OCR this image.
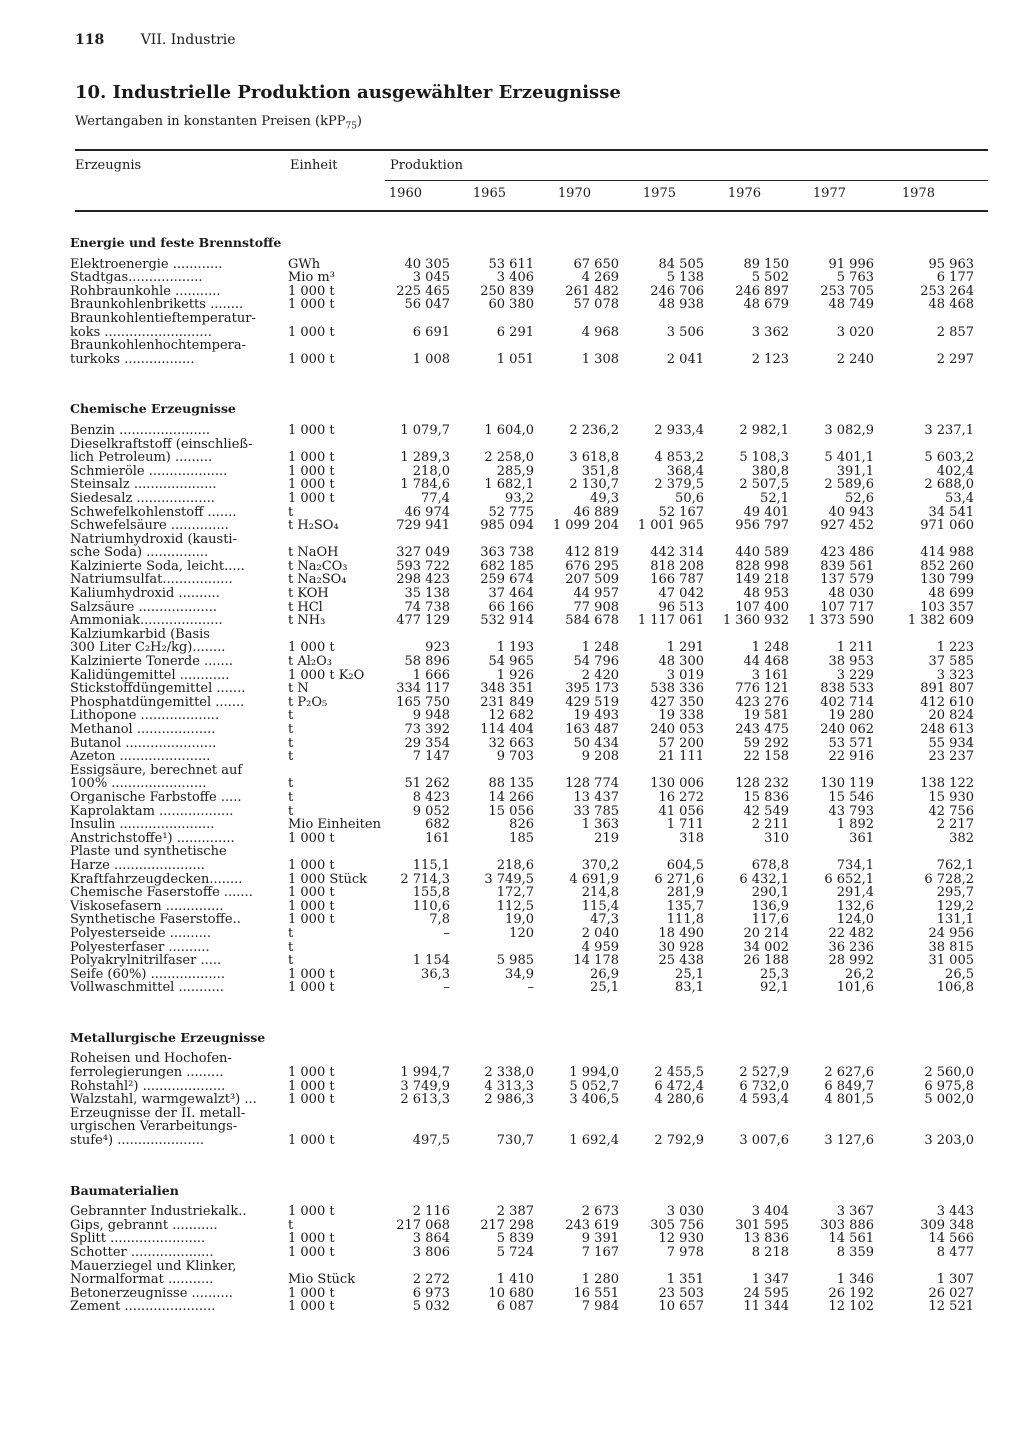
118	VII. Industrie
10. Industrielle Produktion ausgewählter Erzeugnisse
Wertangaben in konstanten Preisen (kPP$_{75}$)
Erzeugnis	Einheit	Produktion
1960	1965	1970	1975	1976	1977	1978
Energie und feste Brennstoffe								
Elektroenergie ............	GWh	40 305	53 611	67 650	84 505	89 150	91 996	95 963
Stadtgas..................	Mio m³	3 045	3 406	4 269	5 138	5 502	5 763	6 177
Rohbraunkohle ...........	1 000 t	225 465	250 839	261 482	246 706	246 897	253 705	253 264
Braunkohlenbriketts ........	1 000 t	56 047	60 380	57 078	48 938	48 679	48 749	48 468
Braunkohlentieftemperatur-								
koks ..........................	1 000 t	6 691	6 291	4 968	3 506	3 362	3 020	2 857
Braunkohlenhochtempera-								
turkoks .................	1 000 t	1 008	1 051	1 308	2 041	2 123	2 240	2 297

Chemische Erzeugnisse								
Benzin ......................	1 000 t	1 079,7	1 604,0	2 236,2	2 933,4	2 982,1	3 082,9	3 237,1
Dieselkraftstoff (einschließ-								
lich Petroleum) .........	1 000 t	1 289,3	2 258,0	3 618,8	4 853,2	5 108,3	5 401,1	5 603,2
Schmieröle ...................	1 000 t	218,0	285,9	351,8	368,4	380,8	391,1	402,4
Steinsalz ....................	1 000 t	1 784,6	1 682,1	2 130,7	2 379,5	2 507,5	2 589,6	2 688,0
Siedesalz ...................	1 000 t	77,4	93,2	49,3	50,6	52,1	52,6	53,4
Schwefelkohlenstoff .......	t	46 974	52 775	46 889	52 167	49 401	40 943	34 541
Schwefelsäure ..............	t H₂SO₄	729 941	985 094	1 099 204	1 001 965	956 797	927 452	971 060
Natriumhydroxid (kausti-								
sche Soda) ...............	t NaOH	327 049	363 738	412 819	442 314	440 589	423 486	414 988
Kalzinierte Soda, leicht.....	t Na₂CO₃	593 722	682 185	676 295	818 208	828 998	839 561	852 260
Natriumsulfat.................	t Na₂SO₄	298 423	259 674	207 509	166 787	149 218	137 579	130 799
Kaliumhydroxid ..........	t KOH	35 138	37 464	44 957	47 042	48 953	48 030	48 699
Salzsäure ...................	t HCl	74 738	66 166	77 908	96 513	107 400	107 717	103 357
Ammoniak....................	t NH₃	477 129	532 914	584 678	1 117 061	1 360 932	1 373 590	1 382 609
Kalziumkarbid (Basis								
300 Liter C₂H₂/kg)........	1 000 t	923	1 193	1 248	1 291	1 248	1 211	1 223
Kalzinierte Tonerde .......	t Al₂O₃	58 896	54 965	54 796	48 300	44 468	38 953	37 585
Kalidüngemittel ............	1 000 t K₂O	1 666	1 926	2 420	3 019	3 161	3 229	3 323
Stickstoffdüngemittel .......	t N	334 117	348 351	395 173	538 336	776 121	838 533	891 807
Phosphatdüngemittel .......	t P₂O₅	165 750	231 849	429 519	427 350	423 276	402 714	412 610
Lithopone ...................	t	9 948	12 682	19 493	19 338	19 581	19 280	20 824
Methanol ...................	t	73 392	114 404	163 487	240 053	243 475	240 062	248 613
Butanol ......................	t	29 354	32 663	50 434	57 200	59 292	53 571	55 934
Azeton ......................	t	7 147	9 703	9 208	21 111	22 158	22 916	23 237
Essigsäure, berechnet auf								
100% .......................	t	51 262	88 135	128 774	130 006	128 232	130 119	138 122
Organische Farbstoffe .....	t	8 423	14 266	13 437	16 272	15 836	15 546	15 930
Kaprolaktam ..................	t	9 052	15 056	33 785	41 056	42 549	43 793	42 756
Insulin .......................	Mio Einheiten	682	826	1 363	1 711	2 211	1 892	2 217
Anstrichstoffe¹) ..............	1 000 t	161	185	219	318	310	361	382
Plaste und synthetische								
Harze ......................	1 000 t	115,1	218,6	370,2	604,5	678,8	734,1	762,1
Kraftfahrzeugdecken........	1 000 Stück	2 714,3	3 749,5	4 691,9	6 271,6	6 432,1	6 652,1	6 728,2
Chemische Faserstoffe .......	1 000 t	155,8	172,7	214,8	281,9	290,1	291,4	295,7
Viskosefasern ..............	1 000 t	110,6	112,5	115,4	135,7	136,9	132,6	129,2
Synthetische Faserstoffe..	1 000 t	7,8	19,0	47,3	111,8	117,6	124,0	131,1
Polyesterseide ..........	t	–	120	2 040	18 490	20 214	22 482	24 956
Polyesterfaser ..........	t			4 959	30 928	34 002	36 236	38 815
Polyakrylnitrilfaser .....	t	1 154	5 985	14 178	25 438	26 188	28 992	31 005
Seife (60%) ..................	1 000 t	36,3	34,9	26,9	25,1	25,3	26,2	26,5
Vollwaschmittel ...........	1 000 t	–	–	25,1	83,1	92,1	101,6	106,8

Metallurgische Erzeugnisse								
Roheisen und Hochofen-								
ferrolegierungen .........	1 000 t	1 994,7	2 338,0	1 994,0	2 455,5	2 527,9	2 627,6	2 560,0
Rohstahl²) ....................	1 000 t	3 749,9	4 313,3	5 052,7	6 472,4	6 732,0	6 849,7	6 975,8
Walzstahl, warmgewalzt³) ...	1 000 t	2 613,3	2 986,3	3 406,5	4 280,6	4 593,4	4 801,5	5 002,0
Erzeugnisse der II. metall-								
urgischen Verarbeitungs-								
stufe⁴) .....................	1 000 t	497,5	730,7	1 692,4	2 792,9	3 007,6	3 127,6	3 203,0

Baumaterialien								
Gebrannter Industriekalk..	1 000 t	2 116	2 387	2 673	3 030	3 404	3 367	3 443
Gips, gebrannt ...........	t	217 068	217 298	243 619	305 756	301 595	303 886	309 348
Splitt .......................	1 000 t	3 864	5 839	9 391	12 930	13 836	14 561	14 566
Schotter ....................	1 000 t	3 806	5 724	7 167	7 978	8 218	8 359	8 477
Mauerziegel und Klinker,								
Normalformat ...........	Mio Stück	2 272	1 410	1 280	1 351	1 347	1 346	1 307
Betonerzeugnisse ..........	1 000 t	6 973	10 680	16 551	23 503	24 595	26 192	26 027
Zement ......................	1 000 t	5 032	6 087	7 984	10 657	11 344	12 102	12 521
